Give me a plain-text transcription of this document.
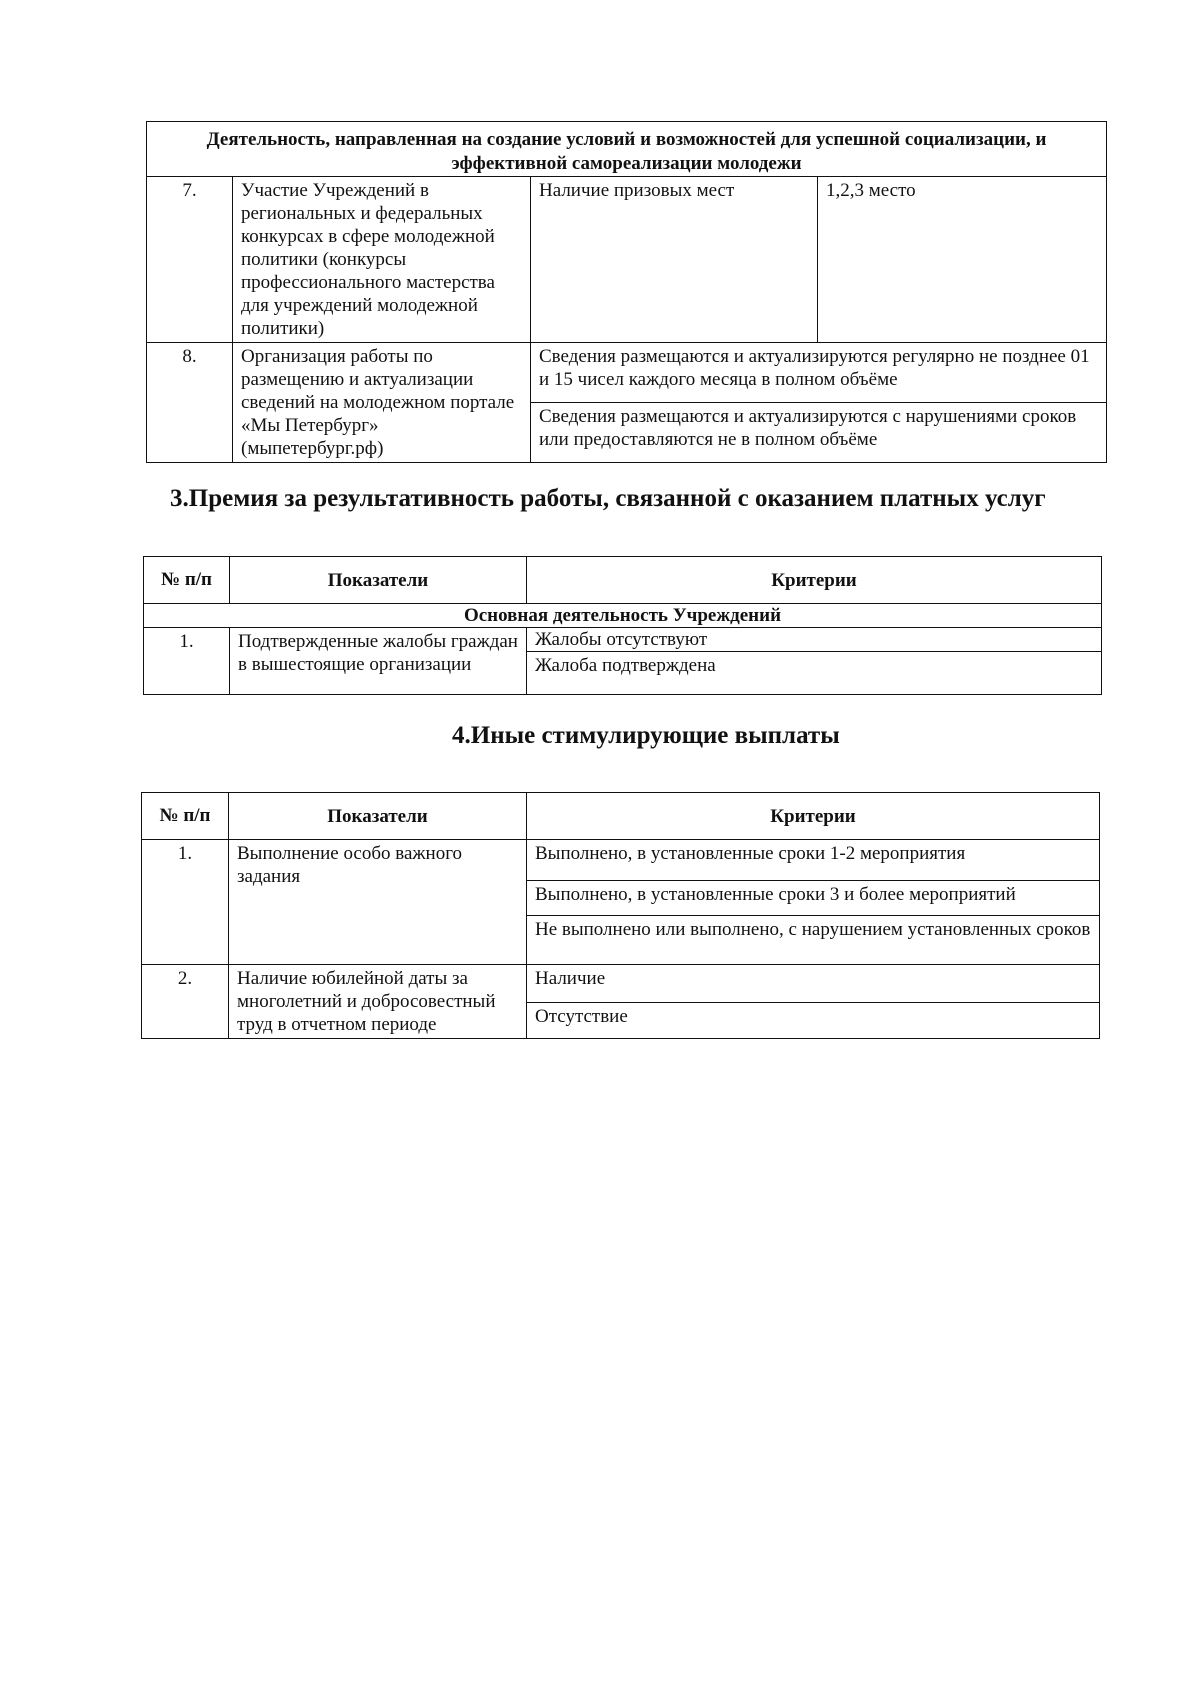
Деятельность, направленная на создание условий и возможностей для успешной социализации, и эффективной самореализации молодежи			
7.	Участие Учреждений в региональных и федеральных конкурсах в сфере молодежной политики (конкурсы профессионального мастерства для учреждений молодежной политики)	Наличие призовых мест	1,2,3 место
8.	Организация работы по размещению и актуализации сведений на молодежном портале «Мы Петербург» (мыпетербург.рф)	Сведения размещаются и актуализируются регулярно не позднее 01 и 15 чисел каждого месяца в полном объёме	
		Сведения размещаются и актуализируются с нарушениями сроков или предоставляются не в полном объёме	
3.Премия за результативность работы, связанной с оказанием платных услуг
№ п/п	Показатели	Критерии
Основная деятельность Учреждений		
1.	Подтвержденные жалобы граждан в вышестоящие организации	Жалобы отсутствуют
		Жалоба подтверждена
4.Иные стимулирующие выплаты
№ п/п	Показатели	Критерии
1.	Выполнение особо важного задания	Выполнено, в установленные сроки 1-2 мероприятия
		Выполнено, в установленные сроки 3 и более мероприятий
		Не выполнено или выполнено, с нарушением установленных сроков
2.	Наличие юбилейной даты за многолетний и добросовестный труд в отчетном периоде	Наличие
		Отсутствие
